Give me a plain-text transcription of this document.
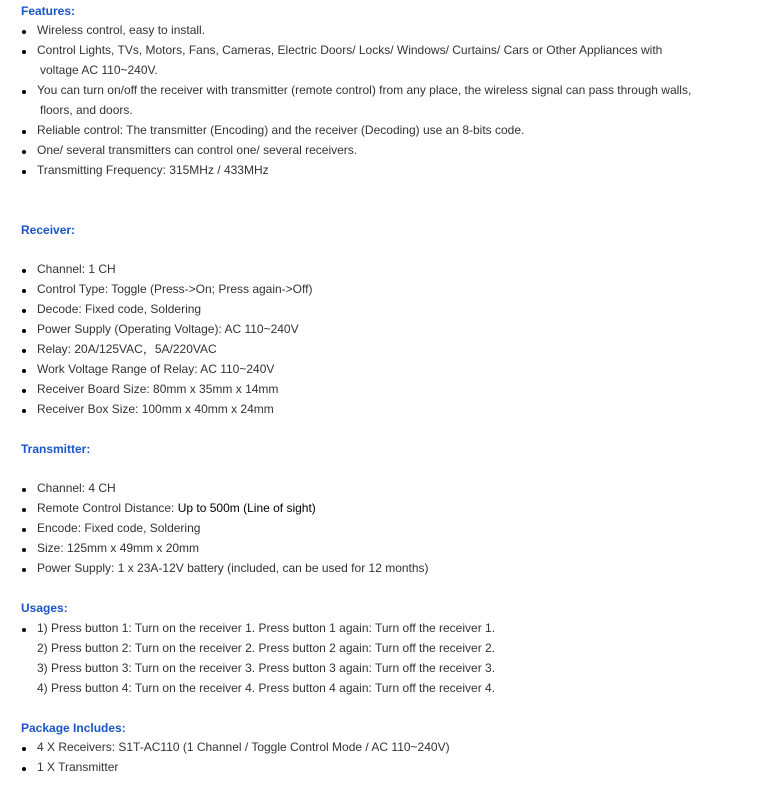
Features:
Wireless control, easy to install.
Control Lights, TVs, Motors, Fans, Cameras, Electric Doors/ Locks/ Windows/ Curtains/ Cars or Other Appliances with
voltage AC 110~240V.
You can turn on/off the receiver with transmitter (remote control) from any place, the wireless signal can pass through walls,
floors, and doors.
Reliable control: The transmitter (Encoding) and the receiver (Decoding) use an 8-bits code.
One/ several transmitters can control one/ several receivers.
Transmitting Frequency: 315MHz / 433MHz
Receiver:
Channel: 1 CH
Control Type: Toggle (Press->On; Press again->Off)
Decode: Fixed code, Soldering
Power Supply (Operating Voltage): AC 110~240V
Relay: 20A/125VAC，5A/220VAC
Work Voltage Range of Relay: AC 110~240V
Receiver Board Size: 80mm x 35mm x 14mm
Receiver Box Size: 100mm x 40mm x 24mm
Transmitter:
Channel: 4 CH
Remote Control Distance: Up to 500m (Line of sight)
Encode: Fixed code, Soldering
Size: 125mm x 49mm x 20mm
Power Supply: 1 x 23A-12V battery (included, can be used for 12 months)
Usages:
1) Press button 1: Turn on the receiver 1. Press button 1 again: Turn off the receiver 1.
2) Press button 2: Turn on the receiver 2. Press button 2 again: Turn off the receiver 2.
3) Press button 3: Turn on the receiver 3. Press button 3 again: Turn off the receiver 3.
4) Press button 4: Turn on the receiver 4. Press button 4 again: Turn off the receiver 4.
Package Includes:
4 X Receivers: S1T-AC110 (1 Channel / Toggle Control Mode / AC 110~240V)
1 X Transmitter
